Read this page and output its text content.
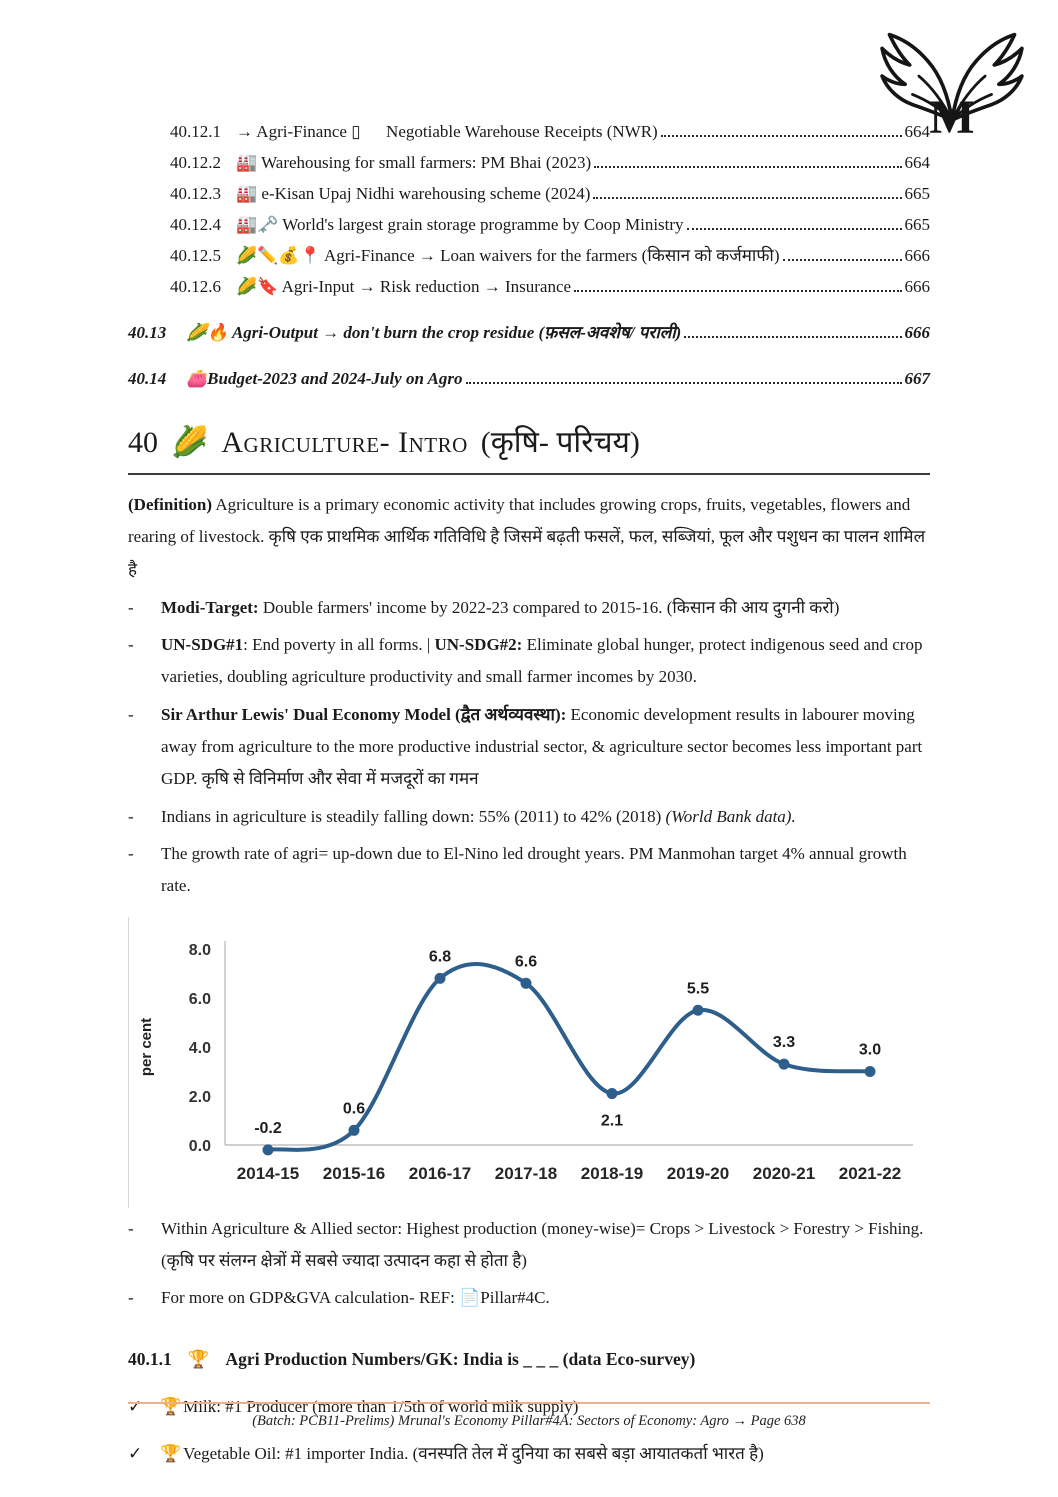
M
40.12.1 → Agri-Finance ▯      Negotiable Warehouse Receipts (NWR)	664
40.12.2 🏭 Warehousing for small farmers: PM Bhai (2023)	664
40.12.3 🏭 e-Kisan Upaj Nidhi warehousing scheme (2024)	665
40.12.4 🏭🗝️ World's largest grain storage programme by Coop Ministry	665
40.12.5 🌽✏️💰📍 Agri-Finance → Loan waivers for the farmers (किसान को कर्जमाफी)	666
40.12.6 🌽🔖 Agri-Input → Risk reduction → Insurance	666
40.13	🌽🔥 Agri-Output → don't burn the crop residue (फ़सल-अवशेष/ पराली)	666
40.14	👛Budget-2023 and 2024-July on Agro	667
40 🌽 Agriculture- Intro (कृषि- परिचय)

(Definition) Agriculture is a primary economic activity that includes growing crops, fruits, vegetables, flowers and rearing of livestock. कृषि एक प्राथमिक आर्थिक गतिविधि है जिसमें बढ़ती फसलें, फल, सब्जियां, फूल और पशुधन का पालन शामिल है

-	Modi-Target: Double farmers' income by 2022-23 compared to 2015-16. (किसान की आय दुगनी करो)
-	UN-SDG#1: End poverty in all forms. | UN-SDG#2: Eliminate global hunger, protect indigenous seed and crop varieties, doubling agriculture productivity and small farmer incomes by 2030.
-	Sir Arthur Lewis' Dual Economy Model (द्वैत अर्थव्यवस्था): Economic development results in labourer moving away from agriculture to the more productive industrial sector, & agriculture sector becomes less important part GDP. कृषि से विनिर्माण और सेवा में मजदूरों का गमन
-	Indians in agriculture is steadily falling down: 55% (2011) to 42% (2018) (World Bank data).
-	The growth rate of agri= up-down due to El-Nino led drought years. PM Manmohan target 4% annual growth rate.
0.0
2.0
4.0
6.0
8.0
per cent
-0.2
0.6
6.8	6.6
2.1
5.5
3.3	3.0
2014-15 2015-16 2016-17 2017-18 2018-19 2019-20 2020-21 2021-22
-	Within Agriculture & Allied sector: Highest production (money-wise)= Crops > Livestock > Forestry > Fishing. (कृषि पर संलग्न क्षेत्रों में सबसे ज्यादा उत्पादन कहा से होता है)
-	For more on GDP&GVA calculation- REF: 📄Pillar#4C.
40.1.1 🏆 Agri Production Numbers/GK: India is _ _ _ (data Eco-survey)
✓	🏆 Milk: #1 Producer (more than 1/5th of world milk supply)
✓	🏆 Vegetable Oil: #1 importer India. (वनस्पति तेल में दुनिया का सबसे बड़ा आयातकर्ता भारत है)
(Batch: PCB11-Prelims) Mrunal's Economy Pillar#4A: Sectors of Economy: Agro → Page 638
